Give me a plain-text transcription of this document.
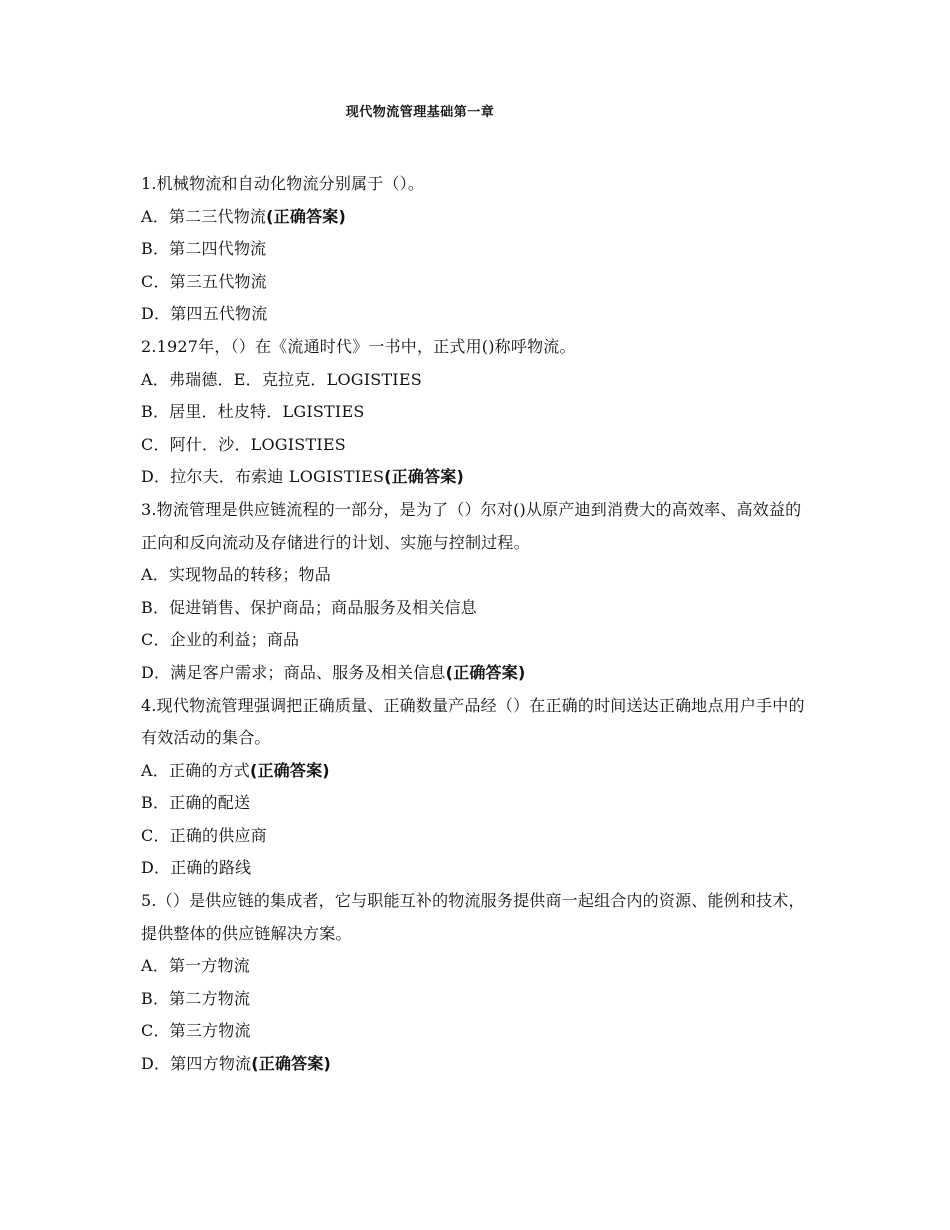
现代物流管理基础第一章

1.机械物流和自动化物流分别属于（）。

A．第二三代物流(正确答案)

B．第二四代物流

C．第三五代物流

D．第四五代物流

2.1927年，（）在《流通时代》一书中，正式用()称呼物流。

A．弗瑞德．E．克拉克．LOGISTIES

B．居里．杜皮特．LGISTIES

C．阿什．沙．LOGISTIES

D．拉尔夫．布索迪 LOGISTIES(正确答案)

3.物流管理是供应链流程的一部分，是为了（）尔对()从原产迪到消费大的高效率、高效益的正向和反向流动及存储进行的计划、实施与控制过程。

A．实现物品的转移；物品

B．促进销售、保护商品；商品服务及相关信息

C．企业的利益；商品

D．满足客户需求；商品、服务及相关信息(正确答案)

4.现代物流管理强调把正确质量、正确数量产品经（）在正确的时间送达正确地点用户手中的有效活动的集合。

A．正确的方式(正确答案)

B．正确的配送

C．正确的供应商

D．正确的路线

5.（）是供应链的集成者，它与职能互补的物流服务提供商一起组合内的资源、能例和技术，提供整体的供应链解决方案。

A．第一方物流

B．第二方物流

C．第三方物流

D．第四方物流(正确答案)
